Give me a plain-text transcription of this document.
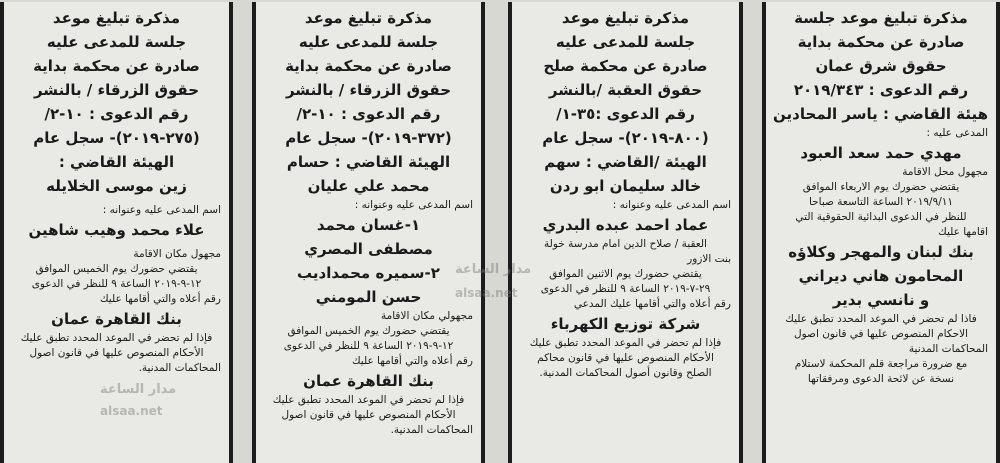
مذكرة تبليغ موعد
جلسة للمدعى عليه
صادرة عن محكمة بداية
حقوق الزرقاء / بالنشر
رقم الدعوى : ١٠-٢/
(٢٧٥-٢٠١٩)- سجل عام
الهيئة القاضي :
زين موسى الخلايله
اسم المدعى عليه وعنوانه :
علاء محمد وهيب شاهين
مجهول مكان الاقامة
يقتضي حضورك يوم الخميس الموافق
١٢-٩-٢٠١٩ الساعة ٩ للنظر في الدعوى
رقم أعلاه والتي أقامها عليك
بنك القاهرة عمان
فإذا لم تحضر في الموعد المحدد تطبق عليك
الأحكام المنصوص عليها في قانون اصول
المحاكمات المدنية.
مذكرة تبليغ موعد
جلسة للمدعى عليه
صادرة عن محكمة بداية
حقوق الزرقاء / بالنشر
رقم الدعوى : ١٠-٢/
(٣٧٢-٢٠١٩)- سجل عام
الهيئة القاضي : حسام
محمد علي عليان
اسم المدعى عليه وعنوانه :
١-غسان محمد
مصطفى المصري
٢-سميره محمداديب
حسن المومني
مجهولي مكان الاقامة
يقتضي حضورك يوم الخميس الموافق
١٢-٩-٢٠١٩ الساعة ٩ للنظر في الدعوى
رقم أعلاه والتي أقامها عليك
بنك القاهرة عمان
فإذا لم تحضر في الموعد المحدد تطبق عليك
الأحكام المنصوص عليها في قانون اصول
المحاكمات المدنية.
مذكرة تبليغ موعد
جلسة للمدعى عليه
صادرة عن محكمة صلح
حقوق العقبة /بالنشر
رقم الدعوى :٣٥-١/
(٨٠٠-٢٠١٩)- سجل عام
الهيئة /القاضي : سهم
خالد سليمان ابو ردن
اسم المدعى عليه وعنوانه :
عماد احمد عبده البدري
العقبة / صلاح الدين امام مدرسة خولة
بنت الازور
يقتضي حضورك يوم الاثنين الموافق
٢٩-٧-٢٠١٩ الساعة ٩ للنظر في الدعوى
رقم أعلاه والتي أقامها عليك المدعي
شركة توزيع الكهرباء
فإذا لم تحضر في الموعد المحدد تطبق عليك
الأحكام المنصوص عليها في قانون محاكم
الصلح وقانون أصول المحاكمات المدنية.
مذكرة تبليغ موعد جلسة
صادرة عن محكمة بداية
حقوق شرق عمان
رقم الدعوى : ٢٠١٩/٣٤٣
هيئة القاضي : ياسر المحادين
المدعى عليه :
مهدي حمد سعد العبود
مجهول محل الاقامة
يقتضي حضورك يوم الاربعاء الموافق
٢٠١٩/٩/١١ الساعة التاسعة صباحا
للنظر في الدعوى البدائية الحقوقية التي
اقامها عليك
بنك لبنان والمهجر وكلاؤه
المحامون هاني ديراني
و نانسي بدير
فاذا لم تحضر في الموعد المحدد تطبق عليك
الاحكام المنصوص عليها في قانون اصول
المحاكمات المدنية
مع ضرورة مراجعة قلم المحكمة لاستلام
نسخة عن لائحة الدعوى ومرفقاتها
مدار الساعة
alsaa.net
مدار الساعة
alsaa.net
